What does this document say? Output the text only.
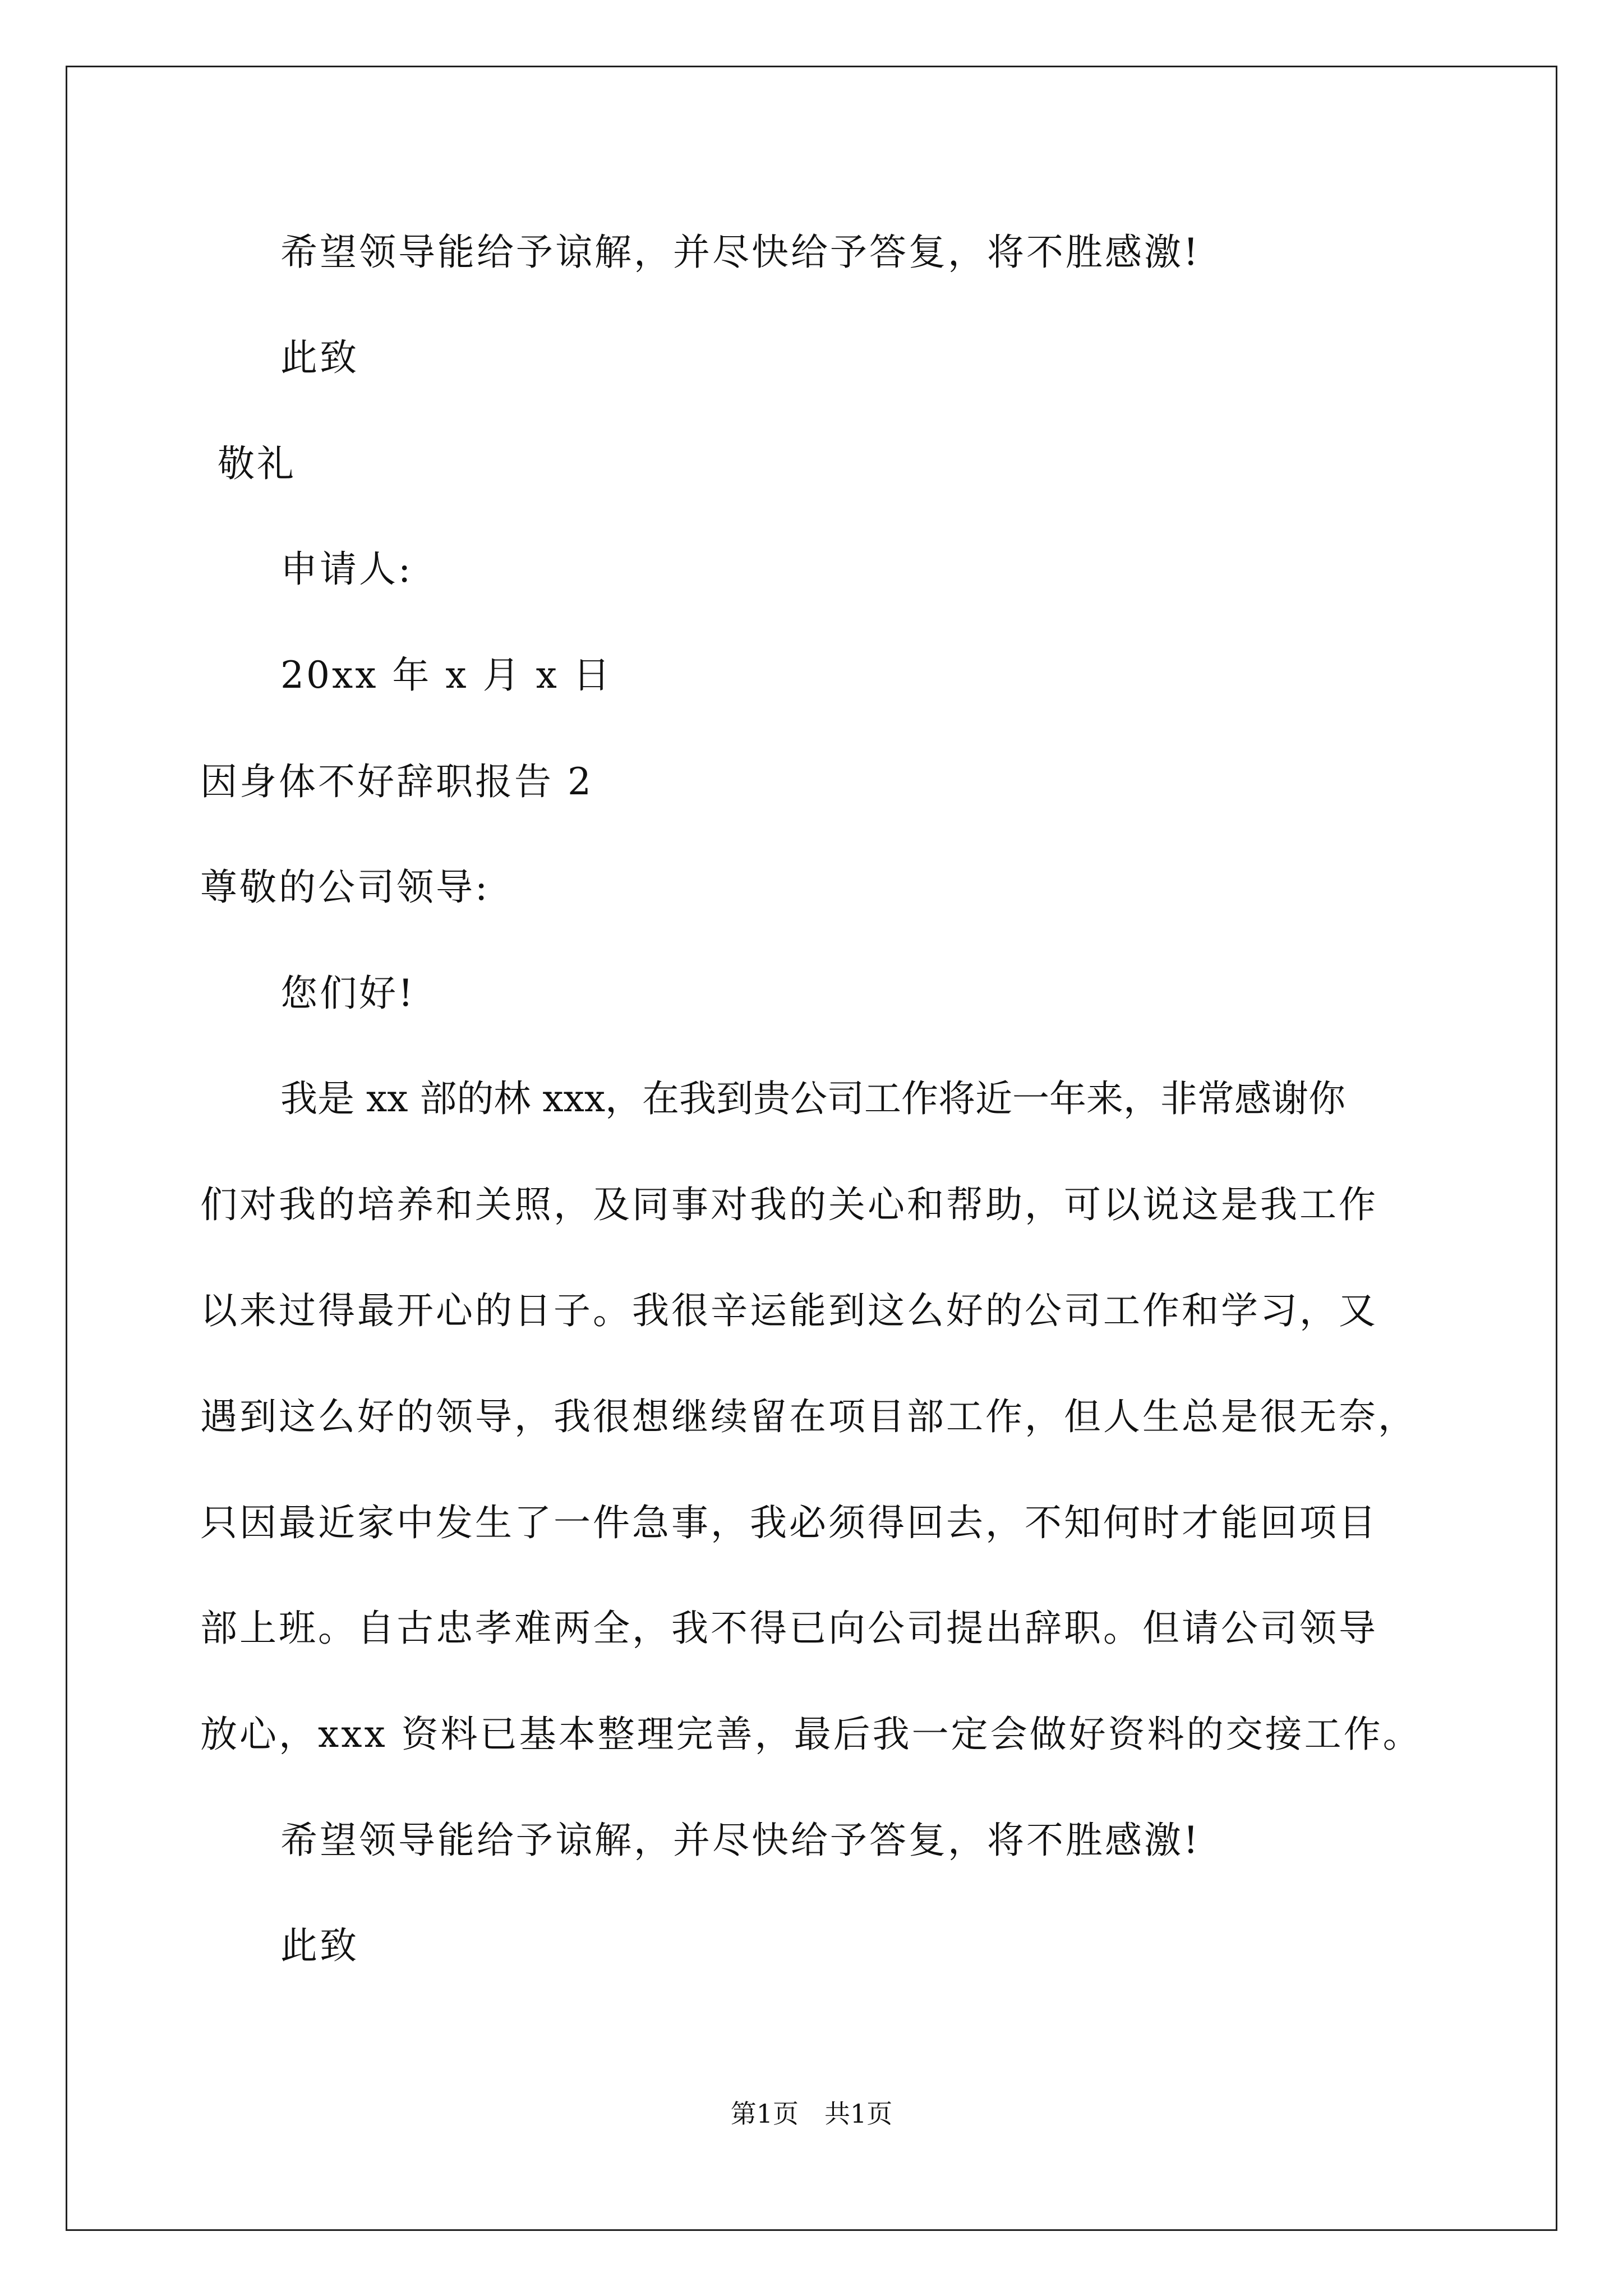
希望领导能给予谅解，并尽快给予答复，将不胜感激!
此致
敬礼
申请人:
20xx 年 x 月 x 日
因身体不好辞职报告 2
尊敬的公司领导:
您们好!
我是 xx 部的林 xxx，在我到贵公司工作将近一年来，非常感谢你
们对我的培养和关照，及同事对我的关心和帮助，可以说这是我工作
以来过得最开心的日子。我很辛运能到这么好的公司工作和学习，又
遇到这么好的领导，我很想继续留在项目部工作，但人生总是很无奈，
只因最近家中发生了一件急事，我必须得回去，不知何时才能回项目
部上班。自古忠孝难两全，我不得已向公司提出辞职。但请公司领导
放心，xxx 资料已基本整理完善，最后我一定会做好资料的交接工作。
希望领导能给予谅解，并尽快给予答复，将不胜感激!
此致
第1页　共1页
